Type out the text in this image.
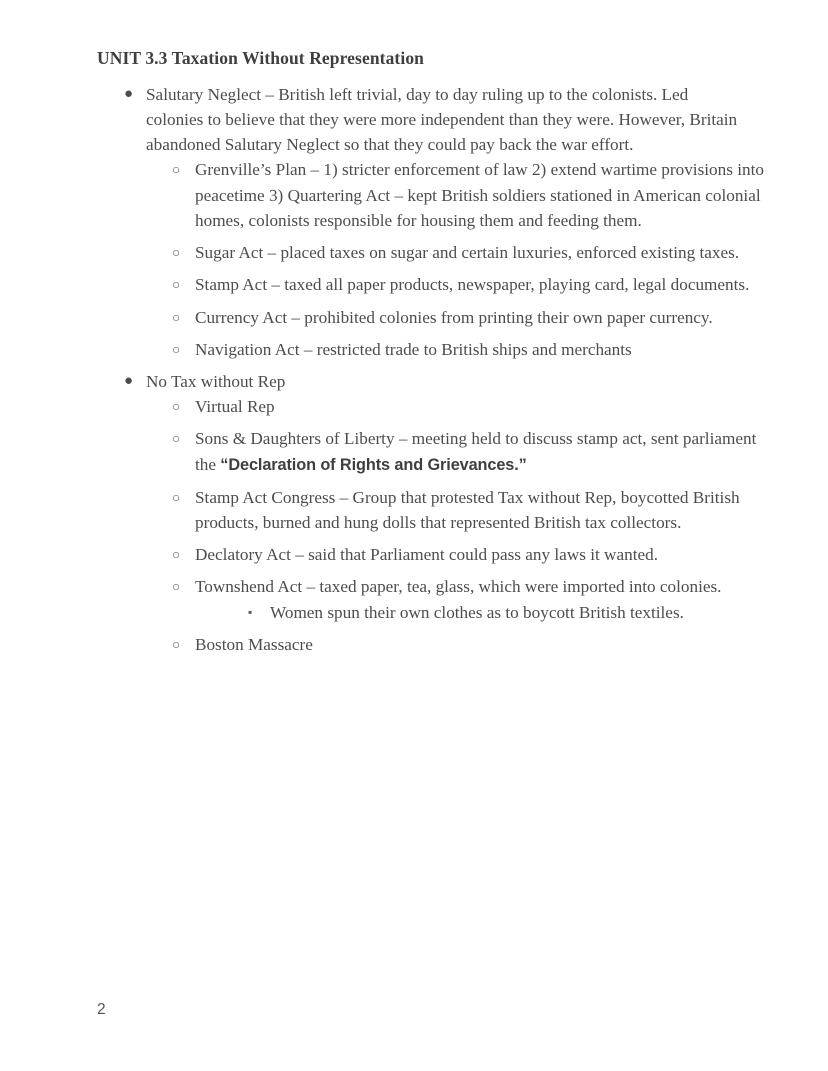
UNIT 3.3 Taxation Without Representation
● Salutary Neglect – British left trivial, day to day ruling up to the colonists. Led colonies to believe that they were more independent than they were. However, Britain abandoned Salutary Neglect so that they could pay back the war effort.
○ Grenville’s Plan – 1) stricter enforcement of law 2) extend wartime provisions into peacetime 3) Quartering Act – kept British soldiers stationed in American colonial homes, colonists responsible for housing them and feeding them.
○ Sugar Act – placed taxes on sugar and certain luxuries, enforced existing taxes.
○ Stamp Act – taxed all paper products, newspaper, playing card, legal documents.
○ Currency Act – prohibited colonies from printing their own paper currency.
○ Navigation Act – restricted trade to British ships and merchants
● No Tax without Rep
○ Virtual Rep
○ Sons & Daughters of Liberty – meeting held to discuss stamp act, sent parliament the “Declaration of Rights and Grievances.”
○ Stamp Act Congress – Group that protested Tax without Rep, boycotted British products, burned and hung dolls that represented British tax collectors.
○ Declatory Act – said that Parliament could pass any laws it wanted.
○ Townshend Act – taxed paper, tea, glass, which were imported into colonies.
▪ Women spun their own clothes as to boycott British textiles.
○ Boston Massacre
2
